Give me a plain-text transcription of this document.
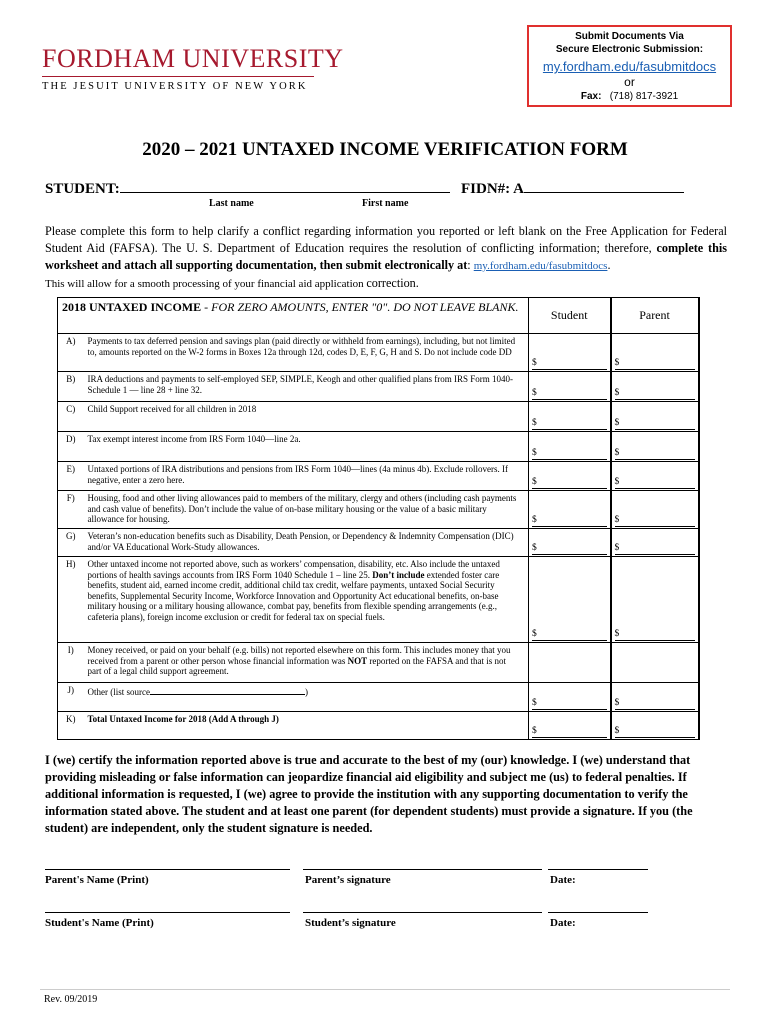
FORDHAM UNIVERSITY
THE JESUIT UNIVERSITY OF NEW YORK
Submit Documents Via
Secure Electronic Submission:
my.fordham.edu/fasubmitdocs
or
Fax: (718) 817-3921
2020 – 2021 UNTAXED INCOME VERIFICATION FORM
STUDENT:	FIDN#: A
Last name	First name
Please complete this form to help clarify a conflict regarding information you reported or left blank on the Free Application for Federal Student Aid (FAFSA). The U. S. Department of Education requires the resolution of conflicting information; therefore, complete this worksheet and attach all supporting documentation, then submit electronically at: my.fordham.edu/fasubmitdocs.
This will allow for a smooth processing of your financial aid application correction.
2018 UNTAXED INCOME - FOR ZERO AMOUNTS, ENTER "0". DO NOT LEAVE BLANK.		Student	Parent
A)	Payments to tax deferred pension and savings plan (paid directly or withheld from earnings), including, but not limited to, amounts reported on the W-2 forms in Boxes 12a through 12d, codes D, E, F, G, H and S. Do not include code DD	$	$

B)	IRA deductions and payments to self-employed SEP, SIMPLE, Keogh and other qualified plans from IRS Form 1040-Schedule 1 — line 28 + line 32.	$	$

C)	Child Support received for all children in 2018	$	$

D)	Tax exempt interest income from IRS Form 1040—line 2a.	$	$

E)	Untaxed portions of IRA distributions and pensions from IRS Form 1040—lines (4a minus 4b). Exclude rollovers. If negative, enter a zero here.	$	$

F)	Housing, food and other living allowances paid to members of the military, clergy and others (including cash payments and cash value of benefits). Don’t include the value of on-base military housing or the value of a basic military allowance for housing.	$	$

G)	Veteran’s non-education benefits such as Disability, Death Pension, or Dependency & Indemnity Compensation (DIC) and/or VA Educational Work-Study allowances.	$	$

H)	Other untaxed income not reported above, such as workers’ compensation, disability, etc. Also include the untaxed portions of health savings accounts from IRS Form 1040 Schedule 1 – line 25. Don’t include extended foster care benefits, student aid, earned income credit, additional child tax credit, welfare payments, untaxed Social Security benefits, Supplemental Security Income, Workforce Innovation and Opportunity Act educational benefits, on-base military housing or a military housing allowance, combat pay, benefits from flexible spending arrangements (e.g., cafeteria plans), foreign income exclusion or credit for federal tax on special fuels.	$	$

I)	Money received, or paid on your behalf (e.g. bills) not reported elsewhere on this form. This includes money that you received from a parent or other person whose financial information was NOT reported on the FAFSA and that is not part of a legal child support agreement.		
J)	Other (list source )	$	$

K)	Total Untaxed Income for 2018 (Add A through J)	$	$
I (we) certify the information reported above is true and accurate to the best of my (our) knowledge. I (we) understand that providing misleading or false information can jeopardize financial aid eligibility and subject me (us) to federal penalties. If additional information is requested, I (we) agree to provide the institution with any supporting documentation to verify the information stated above. The student and at least one parent (for dependent students) must provide a signature. If you (the student) are independent, only the student signature is needed.
Parent's Name (Print)	Parent’s signature	Date:
Student's Name (Print)	Student’s signature	Date:
Rev. 09/2019
